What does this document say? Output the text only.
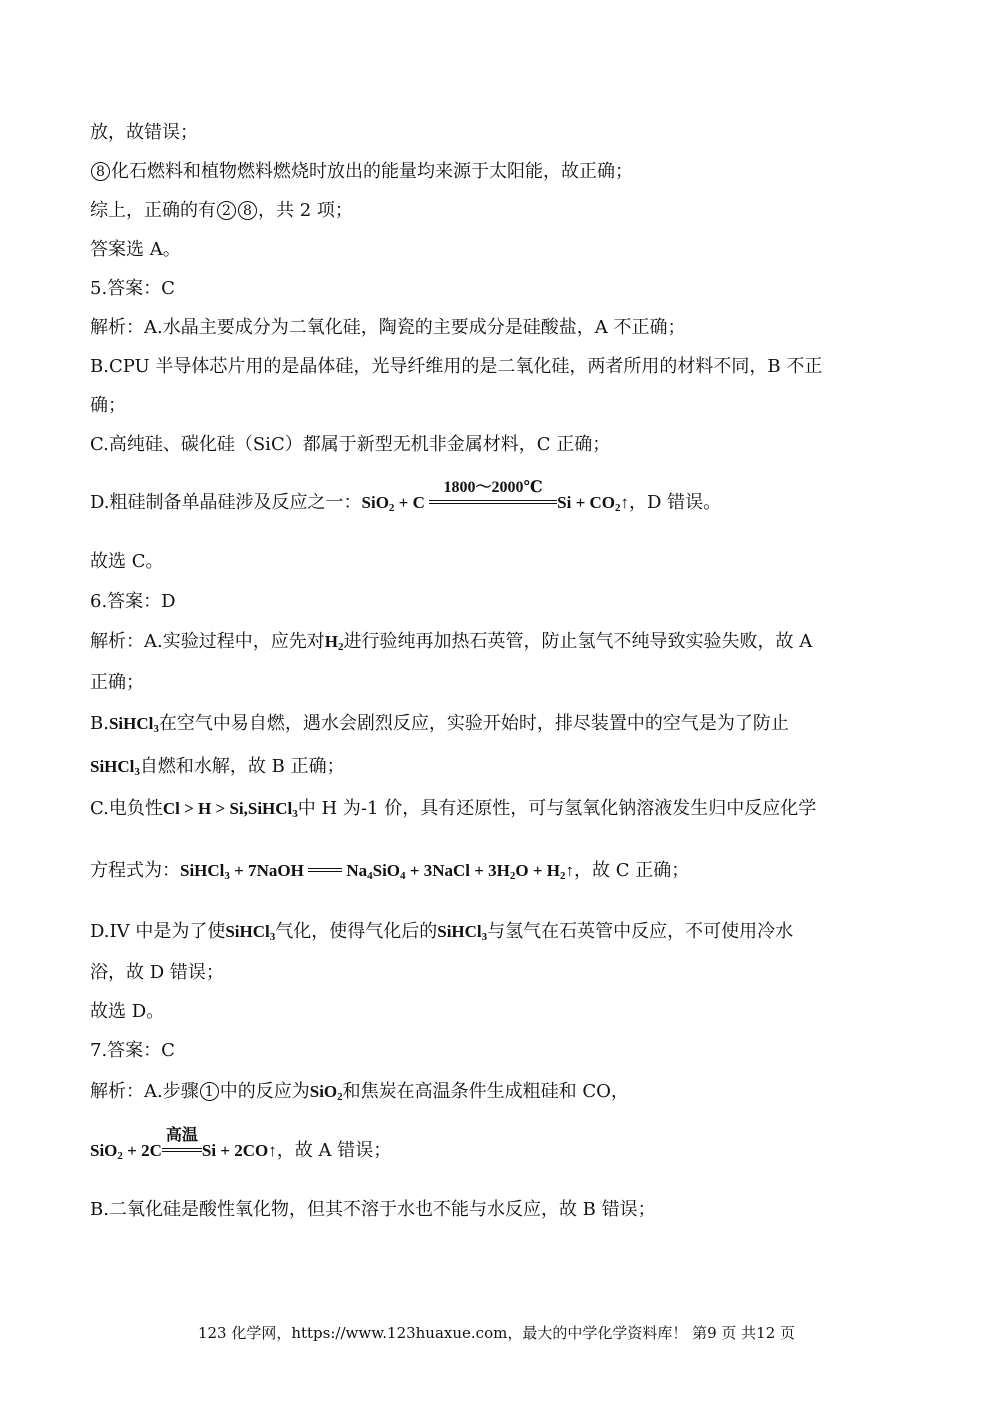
放，故错误；
8 化石燃料和植物燃料燃烧时放出的能量均来源于太阳能，故正确；
综上，正确的有 2 8 ，共 2 项；
答案选 A。
5.答案：C
解析：A.水晶主要成分为二氧化硅，陶瓷的主要成分是硅酸盐，A 不正确；
B.CPU 半导体芯片用的是晶体硅，光导纤维用的是二氧化硅，两者所用的材料不同，B 不正
确；
C.高纯硅、碳化硅（SiC）都属于新型无机非金属材料，C 正确；
D.粗硅制备单晶硅涉及反应之一：SiO$_2$ + C
1800～2000℃
$Si + CO_2↑$，D 错误。
故选 C。
6.答案：D
解析：A.实验过程中，应先对$H_2$进行验纯再加热石英管，防止氢气不纯导致实验失败，故 A
正确；
B.SiHCl$_3$在空气中易自燃，遇水会剧烈反应，实验开始时，排尽装置中的空气是为了防止
SiHCl$_3$自燃和水解，故 B 正确；
C.电负性Cl > H > Si,SiHCl$_3$中 H 为-1 价，具有还原性，可与氢氧化钠溶液发生归中反应化学
方程式为：SiHCl$_3$ + 7NaOH  $Na_4SiO_4$ + 3NaCl + $3H_2O$ + $H_2↑$，故 C 正确；
D.IV 中是为了使SiHCl$_3$气化，使得气化后的SiHCl$_3$与氢气在石英管中反应，不可使用冷水
浴，故 D 错误；
故选 D。
7.答案：C
解析：A.步骤 1 中的反应为SiO$_2$和焦炭在高温条件生成粗硅和 CO，
SiO$_2$ + 2C
高温
Si + 2CO↑，故 A 错误；
B.二氧化硅是酸性氧化物，但其不溶于水也不能与水反应，故 B 错误；
123 化学网，https://www.123huaxue.com，最大的中学化学资料库！ 第9 页 共12 页
